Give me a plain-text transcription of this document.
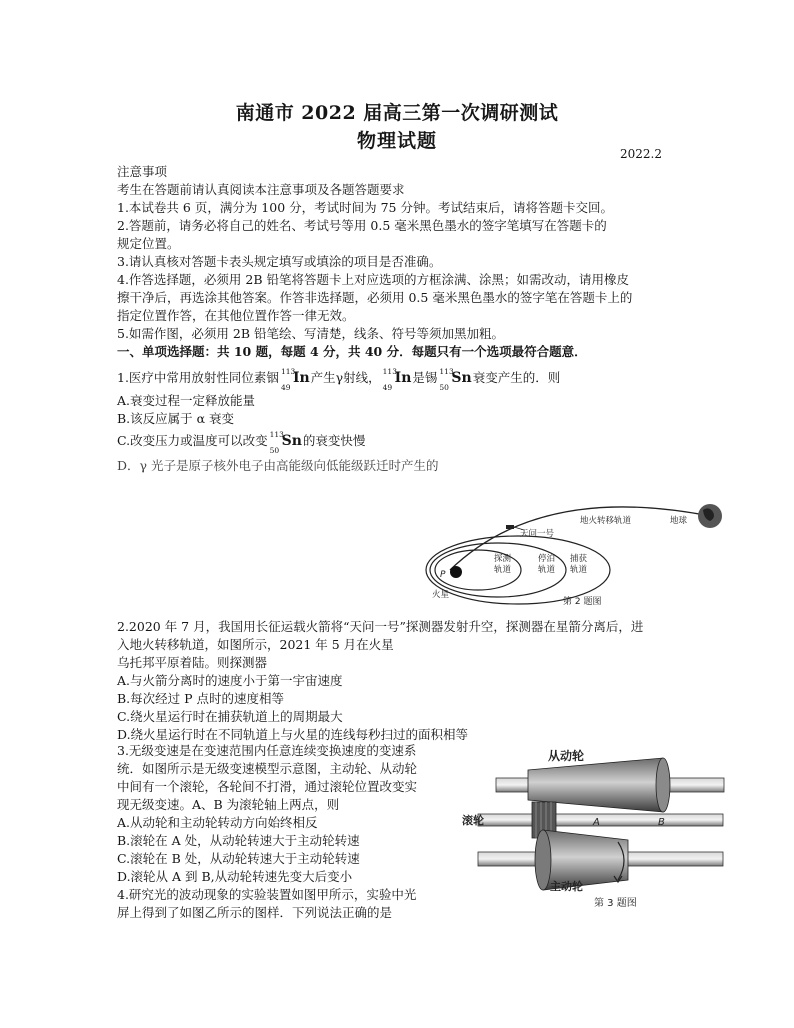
南通市 2022 届高三第一次调研测试
物理试题
2022.2
注意事项
考生在答题前请认真阅读本注意事项及各题答题要求
1.本试卷共 6 页，满分为 100 分，考试时间为 75 分钟。考试结束后，请将答题卡交回。
2.答题前，请务必将自己的姓名、考试号等用 0.5 毫米黑色墨水的签字笔填写在答题卡的
规定位置。
3.请认真核对答题卡表头规定填写或填涂的项目是否准确。
4.作答选择题，必须用 2B 铅笔将答题卡上对应选项的方框涂满、涂黑；如需改动，请用橡皮
擦干净后，再选涂其他答案。作答非选择题，必须用 0.5 毫米黑色墨水的签字笔在答题卡上的
指定位置作答，在其他位置作答一律无效。
5.如需作图，必须用 2B 铅笔绘、写清楚，线条、符号等须加黑加粗。
一、单项选择题：共 10 题，每题 4 分，共 40 分．每题只有一个选项最符合题意．
1.医疗中常用放射性同位素铟 113
49
In产生γ射线， 113
49
In是锡 113
50
Sn衰变产生的．则
A.衰变过程一定释放能量
B.该反应属于 α 衰变
C.改变压力或温度可以改变 113
50
Sn的衰变快慢
D．γ 光子是原子核外电子由高能级向低能级跃迁时产生的
地火转移轨道	地球
天问一号
探测
轨道
停泊
轨道
捕获
轨道
P
火星
第 2 题图
2.2020 年 7 月，我国用长征运载火箭将“天问一号”探测器发射升空，探测器在星箭分离后，进
入地火转移轨道，如图所示，2021 年 5 月在火星
乌托邦平原着陆。则探测器
A.与火箭分离时的速度小于第一宇宙速度
B.每次经过 P 点时的速度相等
C.绕火星运行时在捕获轨道上的周期最大
D.绕火星运行时在不同轨道上与火星的连线每秒扫过的面积相等
3.无级变速是在变速范围内任意连续变换速度的变速系
统．如图所示是无级变速模型示意图，主动轮、从动轮
中间有一个滚轮，各轮间不打滑，通过滚轮位置改变实
现无级变速。A、B 为滚轮轴上两点，则
A.从动轮和主动轮转动方向始终相反
B.滚轮在 A 处，从动轮转速大于主动轮转速
C.滚轮在 B 处，从动轮转速大于主动轮转速
D.滚轮从 A 到 B,从动轮转速先变大后变小
从动轮
滚轮	A	B
主动轮
第 3 题图
4.研究光的波动现象的实验装置如图甲所示，实验中光
屏上得到了如图乙所示的图样．下列说法正确的是
